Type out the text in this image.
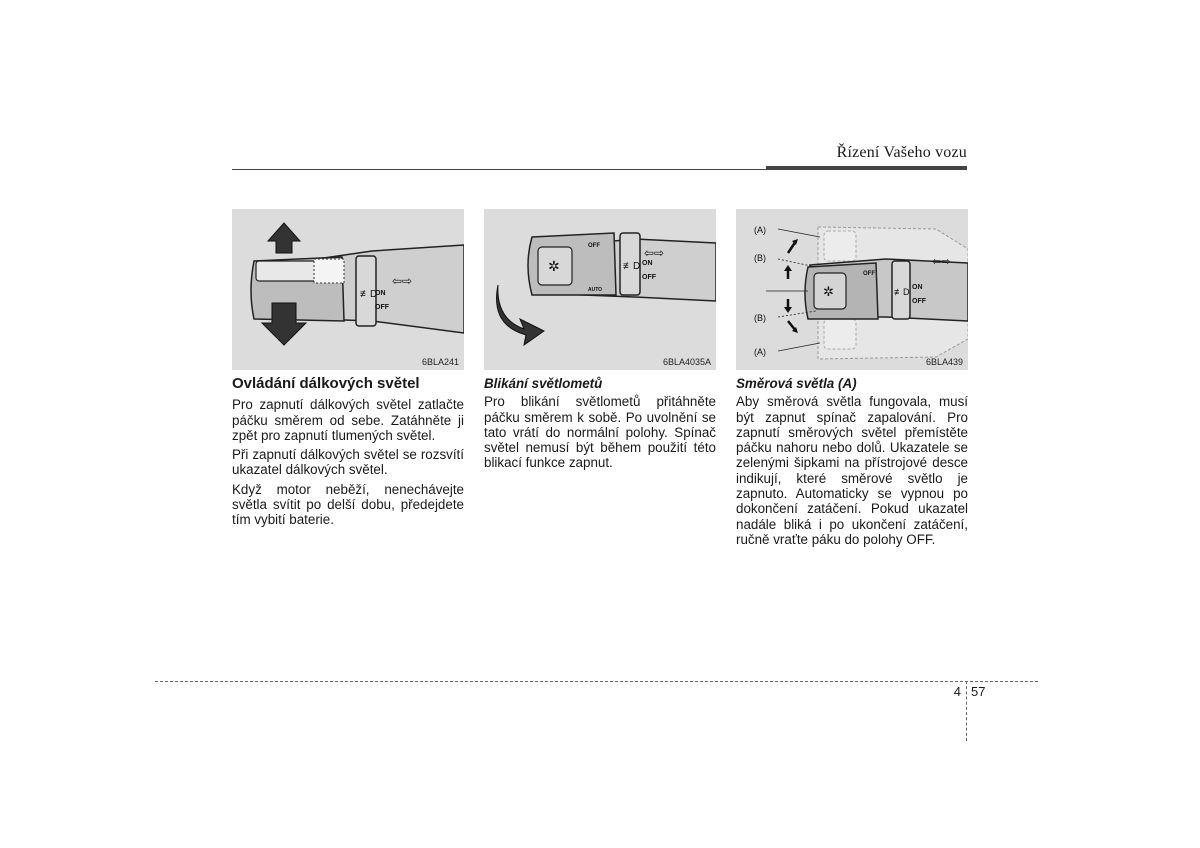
Řízení Vašeho vozu
≢D
ON
OFF
⇦⇨
6BLA241
✲
OFF
AUTO
≢D ON
OFF
⇦⇨
6BLA4035A
✲
OFF
≢D ON
OFF
⇦⇨
(A)
(B)
(B)
(A)
6BLA439
Ovládání dálkových světel

Pro zapnutí dálkových světel zatlačte páčku směrem od sebe. Zatáhněte ji zpět pro zapnutí tlumených světel.

Při zapnutí dálkových světel se rozsvítí ukazatel dálkových světel.

Když motor neběží, nenechávejte světla svítit po delší dobu, předejdete tím vybití baterie.

Blikání světlometů

Pro blikání světlometů přitáhněte páčku směrem k sobě. Po uvolnění se tato vrátí do normální polohy. Spínač světel nemusí být během použití této blikací funkce zapnut.

Směrová světla (A)

Aby směrová světla fungovala, musí být zapnut spínač zapalování. Pro zapnutí směrových světel přemístěte páčku nahoru nebo dolů. Ukazatele se zelenými šipkami na přístrojové desce indikují, které směrové světlo je zapnuto. Automaticky se vypnou po dokončení zatáčení. Pokud ukazatel nadále bliká i po ukončení zatáčení, ručně vraťte páku do polohy OFF.

4 57
